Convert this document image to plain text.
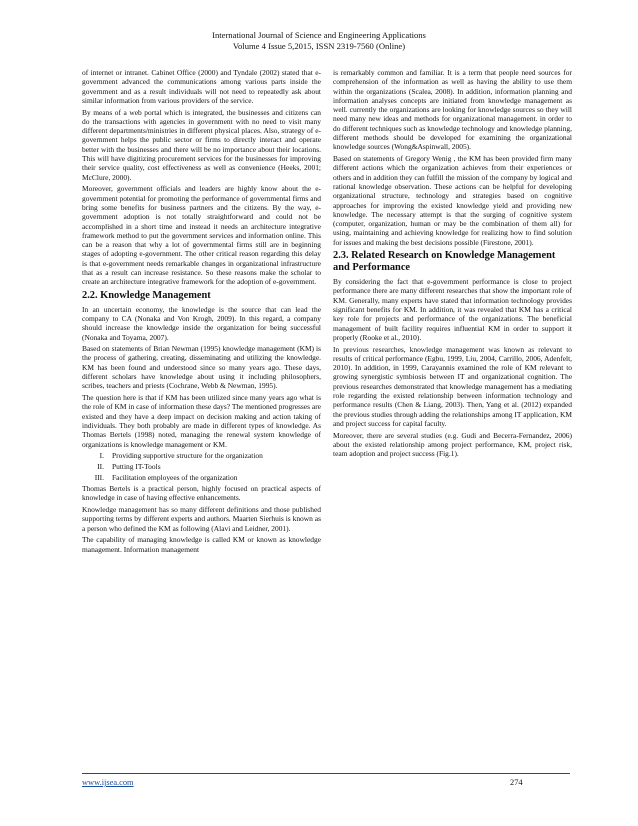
International Journal of Science and Engineering Applications
Volume 4 Issue 5,2015, ISSN 2319-7560 (Online)

of internet or intranet. Cabinet Office (2000) and Tyndale (2002) stated that e-government advanced the communications among various parts inside the government and as a result individuals will not need to repeatedly ask about similar information from various providers of the service.

By means of a web portal which is integrated, the businesses and citizens can do the transactions with agencies in government with no need to visit many different departments/ministries in different physical places. Also, strategy of e-government helps the public sector or firms to directly interact and operate better with the businesses and there will be no importance about their locations. This will have digitizing procurement services for the businesses for improving their service quality, cost effectiveness as well as convenience (Heeks, 2001; McClure, 2000).

Moreover, government officials and leaders are highly know about the e-government potential for promoting the performance of governmental firms and bring some benefits for business partners and the citizens. By the way, e-government adoption is not totally straightforward and could not be accomplished in a short time and instead it needs an architecture integrative framework method to put the government services and information online. This can be a reason that why a lot of governmental firms still are in beginning stages of adopting e-government. The other critical reason regarding this delay is that e-government needs remarkable changes in organizational infrastructure that as a result can increase resistance. So these reasons make the scholar to create an architecture integrative framework for the adoption of e-government.

2.2. Knowledge Management

In an uncertain economy, the knowledge is the source that can lead the company to CA (Nonaka and Von Krogh, 2009). In this regard, a company should increase the knowledge inside the organization for being successful (Nonaka and Toyama, 2007).

Based on statements of Brian Newman (1995) knowledge management (KM) is the process of gathering, creating, disseminating and utilizing the knowledge. KM has been found and understood since so many years ago. These days, different scholars have knowledge about using it including philosophers, scribes, teachers and priests (Cochrane, Webb & Newman, 1995).

The question here is that if KM has been utilized since many years ago what is the role of KM in case of information these days? The mentioned progresses are existed and they have a deep impact on decision making and action taking of individuals. They both probably are made in different types of knowledge. As Thomas Bertels (1998) noted, managing the renewal system knowledge of organizations is knowledge management or KM.

I.	Providing supportive structure for the organization
II.	Putting IT-Tools
III.	Facilitation employees of the organization

Thomas Bertels is a practical person, highly focused on practical aspects of knowledge in case of having effective enhancements.

Knowledge management has so many different definitions and those published supporting terms by different experts and authors. Maarten Sierhuis is known as a person who defined the KM as following (Alavi and Leidner, 2001).

The capability of managing knowledge is called KM or known as knowledge management. Information management

is remarkably common and familiar. It is a term that people need sources for comprehension of the information as well as having the ability to use them within the organizations (Scalea, 2008). In addition, information planning and information analyses concepts are initiated from knowledge management as well. currently the organizations are looking for knowledge sources so they will need many new ideas and methods for organizational management. in order to do different techniques such as knowledge technology and knowledge planning, different methods should be developed for examining the organizational knowledge sources (Wong&Aspinwall, 2005).

Based on statements of Gregory Wenig , the KM has been provided firm many different actions which the organization achieves from their experiences or others and in addition they can fulfill the mission of the company by logical and rational knowledge observation. These actions can be helpful for developing organizational structure, technology and strategies based on cognitive approaches for improving the existed knowledge yield and providing new knowledge. The necessary attempt is that the surging of cognitive system (computer, organization, human or may be the combination of them all) for using, maintaining and achieving knowledge for realizing how to find solution for issues and making the best decisions possible (Firestone, 2001).

2.3. Related Research on Knowledge Management and Performance

By considering the fact that e-government performance is close to project performance there are many different researches that show the important role of KM. Generally, many experts have stated that information technology provides significant benefits for KM. In addition, it was revealed that KM has a critical key role for projects and performance of the organizations. The beneficial management of built facility requires influential KM in order to support it properly (Rooke et al., 2010).

In previous researches, knowledge management was known as relevant to results of critical performance (Egbu, 1999, Liu, 2004, Carrillo, 2006, Adenfelt, 2010). In addition, in 1999, Carayannis examined the role of KM relevant to growing synergistic symbiosis between IT and organizational cognition. The previous researches demonstrated that knowledge management has a mediating role regarding the existed relationship between information technology and performance results (Chen & Liang, 2003). Then, Yang et al. (2012) expanded the previous studies through adding the relationships among IT application, KM and project success for capital faculty.

Moreover, there are several studies (e.g. Gudi and Becerra-Fernandez, 2006) about the existed relationship among project performance, KM, project risk, team adoption and project success (Fig.1).

www.ijsea.com	274
